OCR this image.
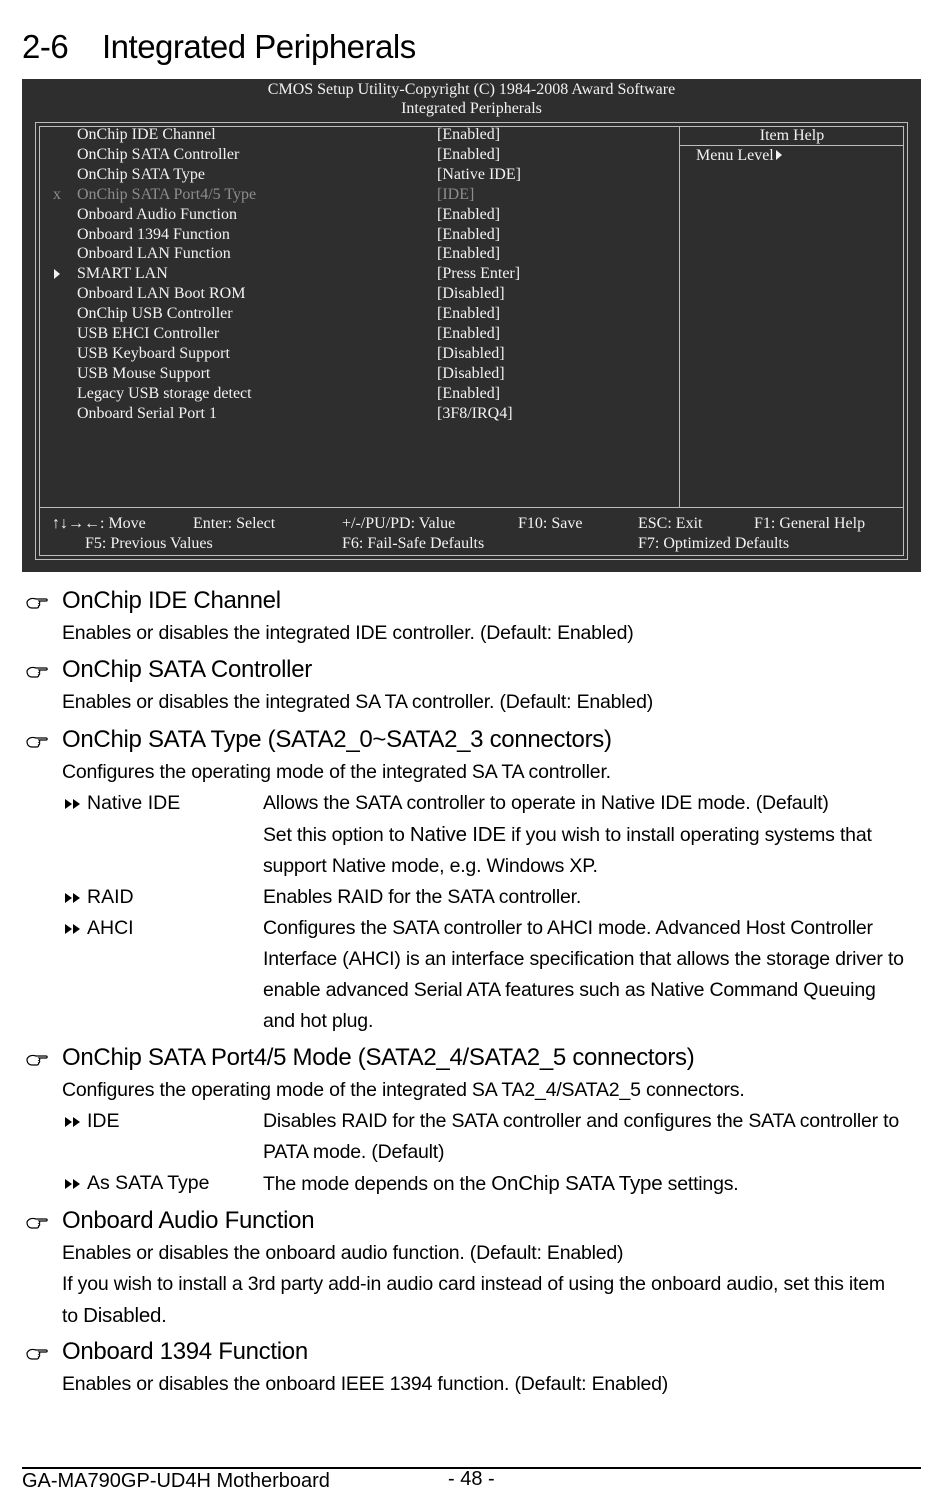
2-6 Integrated Peripherals
CMOS Setup Utility-Copyright (C) 1984-2008 Award Software
Integrated Peripherals
Item Help
Menu Level
OnChip IDE Channel	[Enabled]
OnChip SATA Controller	[Enabled]
OnChip SATA Type	[Native IDE]
x OnChip SATA Port4/5 Type	[IDE]
Onboard Audio Function	[Enabled]
Onboard 1394 Function	[Enabled]
Onboard LAN Function	[Enabled]
SMART LAN	[Press Enter]
Onboard LAN Boot ROM	[Disabled]
OnChip USB Controller	[Enabled]
USB EHCI Controller	[Enabled]
USB Keyboard Support	[Disabled]
USB Mouse Support	[Disabled]
Legacy USB storage detect	[Enabled]
Onboard Serial Port 1	[3F8/IRQ4]
↑↓→←: Move	Enter: Select	+/-/PU/PD: Value	F10: Save	ESC: Exit	F1: General Help
F5: Previous Values	F6: Fail-Safe Defaults	F7: Optimized Defaults
OnChip IDE Channel
Enables or disables the integrated IDE controller. (Default: Enabled)
OnChip SATA Controller
Enables or disables the integrated SA TA controller. (Default: Enabled)
OnChip SATA Type (SATA2_0~SATA2_3 connectors)
Configures the operating mode of the integrated SA TA controller.
Native IDE	Allows the SATA controller to operate in Native IDE mode. (Default)
Set this option to Native IDE if you wish to install operating systems that
support Native mode, e.g. Windows XP.
RAID	Enables RAID for the SATA controller.
AHCI	Configures the SATA controller to AHCI mode. Advanced Host Controller
Interface (AHCI) is an interface specification that allows the storage driver to
enable advanced Serial ATA features such as Native Command Queuing
and hot plug.
OnChip SATA Port4/5 Mode (SATA2_4/SATA2_5 connectors)
Configures the operating mode of the integrated SA TA2_4/SATA2_5 connectors.
IDE	Disables RAID for the SATA controller and configures the SATA controller to
PATA mode. (Default)
As SATA Type	The mode depends on the OnChip SATA Type settings.
Onboard Audio Function
Enables or disables the onboard audio function. (Default: Enabled)
If you wish to install a 3rd party add-in audio card instead of using the onboard audio, set this item
to Disabled.
Onboard 1394 Function
Enables or disables the onboard IEEE 1394 function. (Default: Enabled)
GA-MA790GP-UD4H Motherboard	- 48 -
